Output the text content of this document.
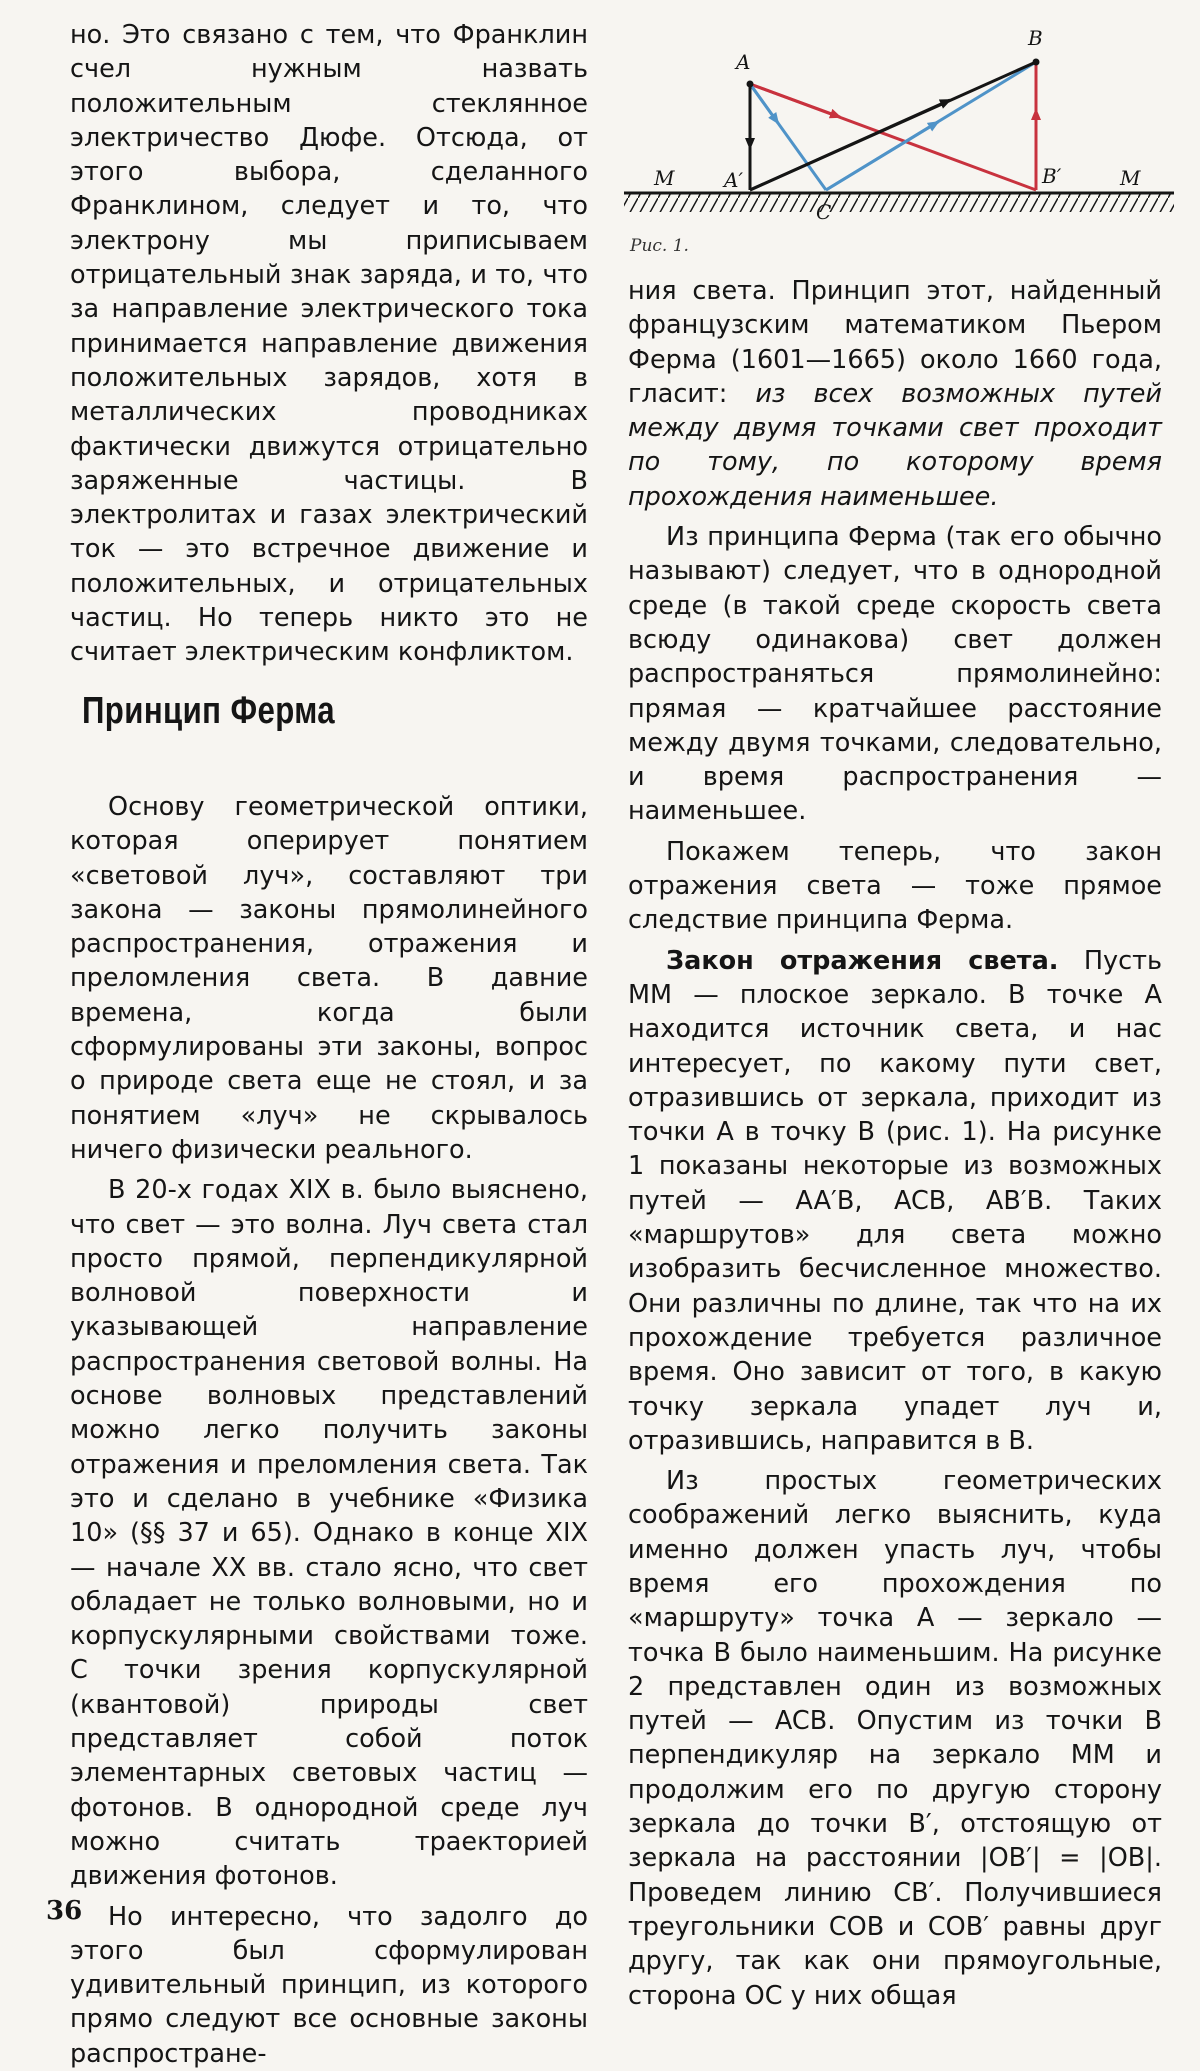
но. Это связано с тем, что Франклин счел нужным назвать положительным стеклянное электричество Дюфе. Отсюда, от этого выбора, сделанного Франклином, следует и то, что электрону мы приписываем отрицательный знак заряда, и то, что за направление электрического тока принимается направление движения положительных зарядов, хотя в металлических проводниках фактически движутся отрицательно заряженные частицы. В электролитах и газах электрический ток — это встречное движение и положительных, и отрицательных частиц. Но теперь никто это не считает электрическим конфликтом.

Принцип Ферма

Основу геометрической оптики, которая оперирует понятием «световой луч», составляют три закона — законы прямолинейного распространения, отражения и преломления света. В давние времена, когда были сформулированы эти законы, вопрос о природе света еще не стоял, и за понятием «луч» не скрывалось ничего физически реального.

В 20-х годах XIX в. было выяснено, что свет — это волна. Луч света стал просто прямой, перпендикулярной волновой поверхности и указывающей направление распространения световой волны. На основе волновых представлений можно легко получить законы отражения и преломления света. Так это и сделано в учебнике «Физика 10» (§§ 37 и 65). Однако в конце XIX — начале XX вв. стало ясно, что свет обладает не только волновыми, но и корпускулярными свойствами тоже. С точки зрения корпускулярной (квантовой) природы свет представляет собой поток элементарных световых частиц — фотонов. В однородной среде луч можно считать траекторией движения фотонов.

Но интересно, что задолго до этого был сформулирован удивительный принцип, из которого прямо следуют все основные законы распростране-

A
B
A′	B′
C
M	M
Рис. 1.

ния света. Принцип этот, найденный французским математиком Пьером Ферма (1601—1665) около 1660 года, гласит: из всех возможных путей между двумя точками свет проходит по тому, по которому время прохождения наименьшее.

Из принципа Ферма (так его обычно называют) следует, что в однородной среде (в такой среде скорость света всюду одинакова) свет должен распространяться прямолинейно: прямая — кратчайшее расстояние между двумя точками, следовательно, и время распространения — наименьшее.

Покажем теперь, что закон отражения света — тоже прямое следствие принципа Ферма.

Закон отражения света. Пусть MM — плоское зеркало. В точке A находится источник света, и нас интересует, по какому пути свет, отразившись от зеркала, приходит из точки A в точку B (рис. 1). На рисунке 1 показаны некоторые из возможных путей — AA′B, ACB, AB′B. Таких «маршрутов» для света можно изобразить бесчисленное множество. Они различны по длине, так что на их прохождение требуется различное время. Оно зависит от того, в какую точку зеркала упадет луч и, отразившись, направится в B.

Из простых геометрических соображений легко выяснить, куда именно должен упасть луч, чтобы время его прохождения по «маршруту» точка A — зеркало — точка B было наименьшим. На рисунке 2 представлен один из возможных путей — ACB. Опустим из точки B перпендикуляр на зеркало MM и продолжим его по другую сторону зеркала до точки B′, отстоящую от зеркала на расстоянии |OB′| = |OB|. Проведем линию CB′. Получившиеся треугольники COB и COB′ равны друг другу, так как они прямоугольные, сторона OC у них общая

36
